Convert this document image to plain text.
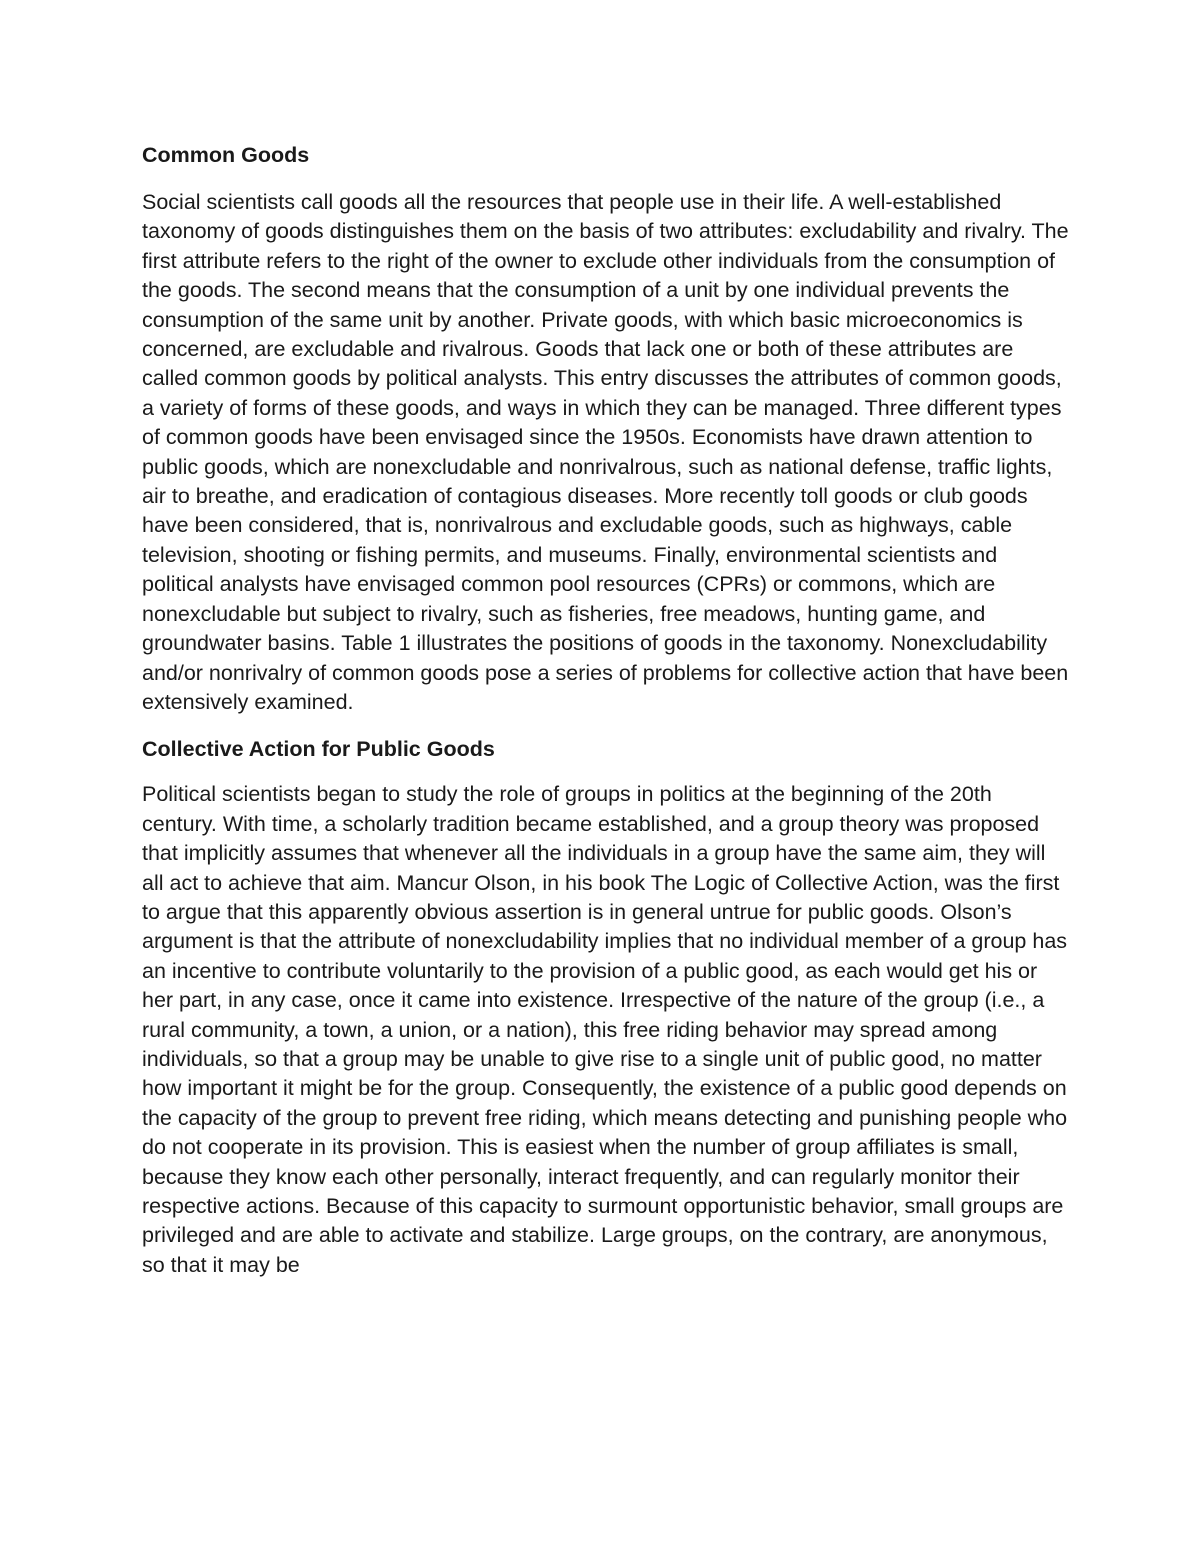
Common Goods

Social scientists call goods all the resources that people use in their life. A well-established taxonomy of goods distinguishes them on the basis of two attributes: excludability and rivalry. The first attribute refers to the right of the owner to exclude other individuals from the consumption of the goods. The second means that the consumption of a unit by one individual prevents the consumption of the same unit by another. Private goods, with which basic microeconomics is concerned, are excludable and rivalrous. Goods that lack one or both of these attributes are called common goods by political analysts. This entry discusses the attributes of common goods, a variety of forms of these goods, and ways in which they can be managed. Three different types of common goods have been envisaged since the 1950s. Economists have drawn attention to public goods, which are nonexcludable and nonrivalrous, such as national defense, traffic lights, air to breathe, and eradication of contagious diseases. More recently toll goods or club goods have been considered, that is, nonrivalrous and excludable goods, such as highways, cable television, shooting or fishing permits, and museums. Finally, environmental scientists and political analysts have envisaged common pool resources (CPRs) or commons, which are nonexcludable but subject to rivalry, such as fisheries, free meadows, hunting game, and groundwater basins. Table 1 illustrates the positions of goods in the taxonomy. Nonexcludability and/or nonrivalry of common goods pose a series of problems for collective action that have been extensively examined.

Collective Action for Public Goods

Political scientists began to study the role of groups in politics at the beginning of the 20th century. With time, a scholarly tradition became established, and a group theory was proposed that implicitly assumes that whenever all the individuals in a group have the same aim, they will all act to achieve that aim. Mancur Olson, in his book The Logic of Collective Action, was the first to argue that this apparently obvious assertion is in general untrue for public goods. Olson’s argument is that the attribute of nonexcludability implies that no individual member of a group has an incentive to contribute voluntarily to the provision of a public good, as each would get his or her part, in any case, once it came into existence. Irrespective of the nature of the group (i.e., a rural community, a town, a union, or a nation), this free riding behavior may spread among individuals, so that a group may be unable to give rise to a single unit of public good, no matter how important it might be for the group. Consequently, the existence of a public good depends on the capacity of the group to prevent free riding, which means detecting and punishing people who do not cooperate in its provision. This is easiest when the number of group affiliates is small, because they know each other personally, interact frequently, and can regularly monitor their respective actions. Because of this capacity to surmount opportunistic behavior, small groups are privileged and are able to activate and stabilize. Large groups, on the contrary, are anonymous, so that it may be
